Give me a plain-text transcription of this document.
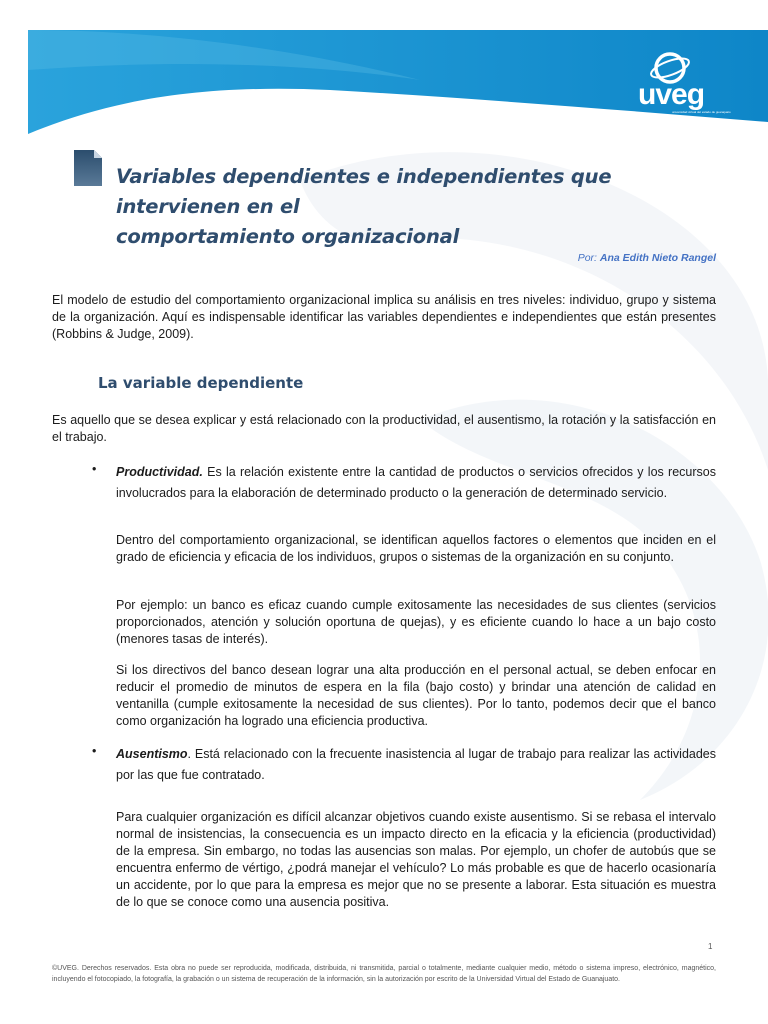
uveg
universidad virtual del estado de guanajuato
Variables dependientes e independientes que intervienen en el
comportamiento organizacional
Por: Ana Edith Nieto Rangel
El modelo de estudio del comportamiento organizacional implica su análisis en tres niveles: individuo, grupo y sistema de la organización. Aquí es indispensable identificar las variables dependientes e independientes que están presentes (Robbins & Judge, 2009).
La variable dependiente
Es aquello que se desea explicar y está relacionado con la productividad, el ausentismo, la rotación y la satisfacción en el trabajo.
• Productividad. Es la relación existente entre la cantidad de productos o servicios ofrecidos y los recursos involucrados para la elaboración de determinado producto o la generación de determinado servicio.
Dentro del comportamiento organizacional, se identifican aquellos factores o elementos que inciden en el grado de eficiencia y eficacia de los individuos, grupos o sistemas de la organización en su conjunto.
Por ejemplo: un banco es eficaz cuando cumple exitosamente las necesidades de sus clientes (servicios proporcionados, atención y solución oportuna de quejas), y es eficiente cuando lo hace a un bajo costo (menores tasas de interés).
Si los directivos del banco desean lograr una alta producción en el personal actual, se deben enfocar en reducir el promedio de minutos de espera en la fila (bajo costo) y brindar una atención de calidad en ventanilla (cumple exitosamente la necesidad de sus clientes). Por lo tanto, podemos decir que el banco como organización ha logrado una eficiencia productiva.
• Ausentismo. Está relacionado con la frecuente inasistencia al lugar de trabajo para realizar las actividades por las que fue contratado.
Para cualquier organización es difícil alcanzar objetivos cuando existe ausentismo. Si se rebasa el intervalo normal de insistencias, la consecuencia es un impacto directo en la eficacia y la eficiencia (productividad) de la empresa. Sin embargo, no todas las ausencias son malas. Por ejemplo, un chofer de autobús que se encuentra enfermo de vértigo, ¿podrá manejar el vehículo? Lo más probable es que de hacerlo ocasionaría un accidente, por lo que para la empresa es mejor que no se presente a laborar. Esta situación es muestra de lo que se conoce como una ausencia positiva.
1
©UVEG. Derechos reservados. Esta obra no puede ser reproducida, modificada, distribuida, ni transmitida, parcial o totalmente, mediante cualquier medio, método o sistema impreso, electrónico, magnético, incluyendo el fotocopiado, la fotografía, la grabación o un sistema de recuperación de la información, sin la autorización por escrito de la Universidad Virtual del Estado de Guanajuato.
